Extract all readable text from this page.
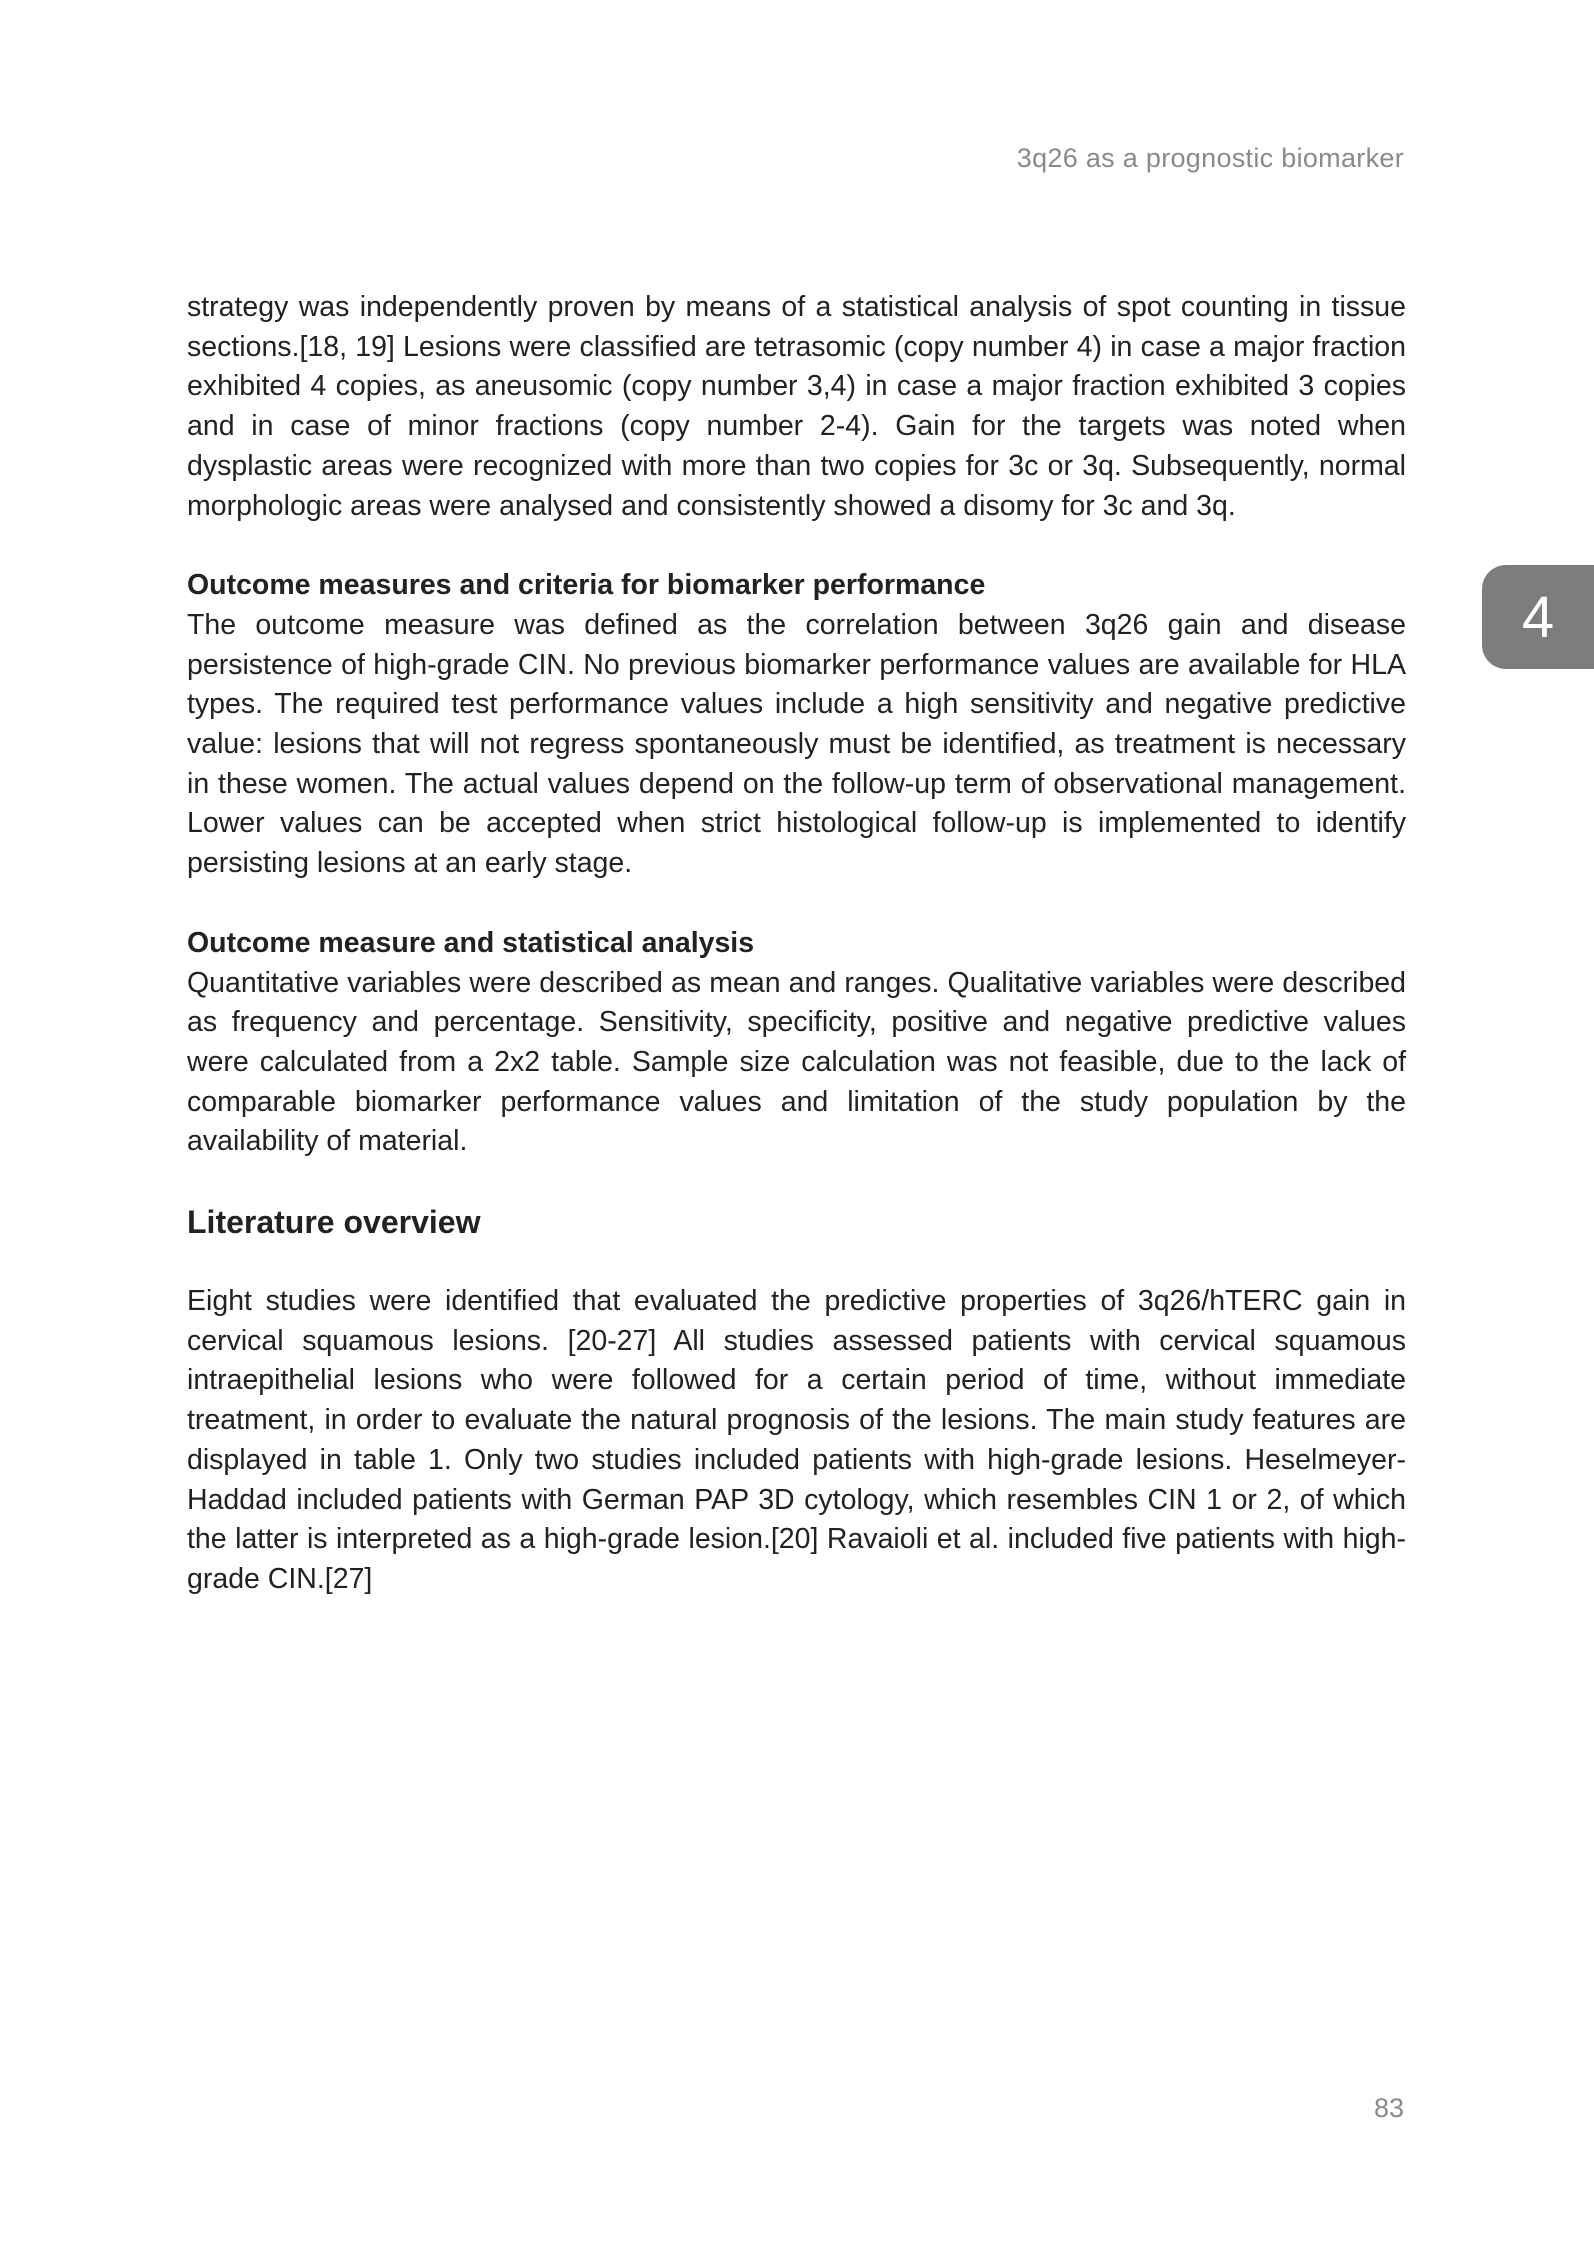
3q26 as a prognostic biomarker
4

strategy was independently proven by means of a statistical analysis of spot counting in tissue sections.[18, 19] Lesions were classified are tetrasomic (copy number 4) in case a major fraction exhibited 4 copies, as aneusomic (copy number 3,4) in case a major fraction exhibited 3 copies and in case of minor fractions (copy number 2-4). Gain for the targets was noted when dysplastic areas were recognized with more than two copies for 3c or 3q. Subsequently, normal morphologic areas were analysed and consistently showed a disomy for 3c and 3q.

Outcome measures and criteria for biomarker performance

The outcome measure was defined as the correlation between 3q26 gain and disease persistence of high-grade CIN. No previous biomarker performance values are available for HLA types. The required test performance values include a high sensitivity and negative predictive value: lesions that will not regress spontaneously must be identified, as treatment is necessary in these women. The actual values depend on the follow-up term of observational management. Lower values can be accepted when strict histological follow-up is implemented to identify persisting lesions at an early stage.

Outcome measure and statistical analysis

Quantitative variables were described as mean and ranges. Qualitative variables were described as frequency and percentage. Sensitivity, specificity, positive and negative predictive values were calculated from a 2x2 table. Sample size calculation was not feasible, due to the lack of comparable biomarker performance values and limitation of the study population by the availability of material.

Literature overview

Eight studies were identified that evaluated the predictive properties of 3q26/hTERC gain in cervical squamous lesions. [20-27] All studies assessed patients with cervical squamous intraepithelial lesions who were followed for a certain period of time, without immediate treatment, in order to evaluate the natural prognosis of the lesions. The main study features are displayed in table 1. Only two studies included patients with high-grade lesions. Heselmeyer-Haddad included patients with German PAP 3D cytology, which resembles CIN 1 or 2, of which the latter is interpreted as a high-grade lesion.[20] Ravaioli et al. included five patients with high-grade CIN.[27]

83
